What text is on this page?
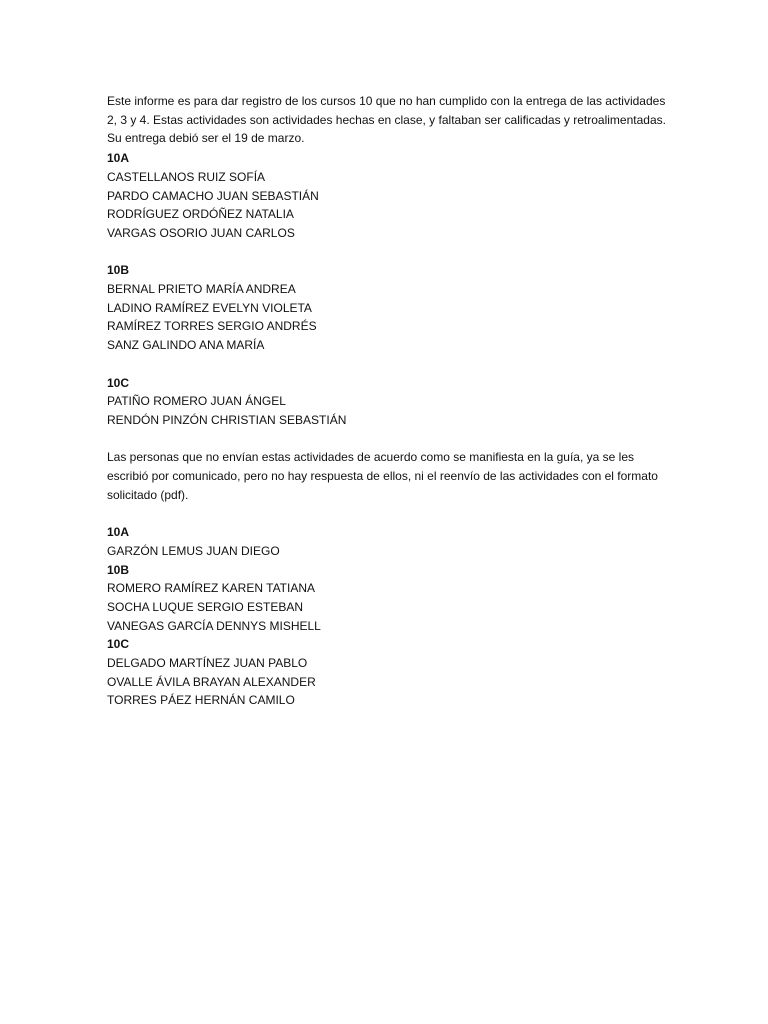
Este informe es para dar registro de los cursos 10 que no han cumplido con la entrega de las actividades 2, 3 y 4. Estas actividades son actividades hechas en clase, y faltaban ser calificadas y retroalimentadas. Su entrega debió ser el 19 de marzo.

10A
CASTELLANOS RUIZ SOFÍA
PARDO CAMACHO JUAN SEBASTIÁN
RODRÍGUEZ ORDÓÑEZ NATALIA
VARGAS OSORIO JUAN CARLOS
10B
BERNAL PRIETO MARÍA ANDREA
LADINO RAMÍREZ EVELYN VIOLETA
RAMÍREZ TORRES SERGIO ANDRÉS
SANZ GALINDO ANA MARÍA
10C
PATIÑO ROMERO JUAN ÁNGEL
RENDÓN PINZÓN CHRISTIAN SEBASTIÁN

Las personas que no envían estas actividades de acuerdo como se manifiesta en la guía, ya se les escribió por comunicado, pero no hay respuesta de ellos, ni el reenvío de las actividades con el formato solicitado (pdf).

10A
GARZÓN LEMUS JUAN DIEGO
10B
ROMERO RAMÍREZ KAREN TATIANA
SOCHA LUQUE SERGIO ESTEBAN
VANEGAS GARCÍA DENNYS MISHELL
10C
DELGADO MARTÍNEZ JUAN PABLO
OVALLE ÁVILA BRAYAN ALEXANDER
TORRES PÁEZ HERNÁN CAMILO
